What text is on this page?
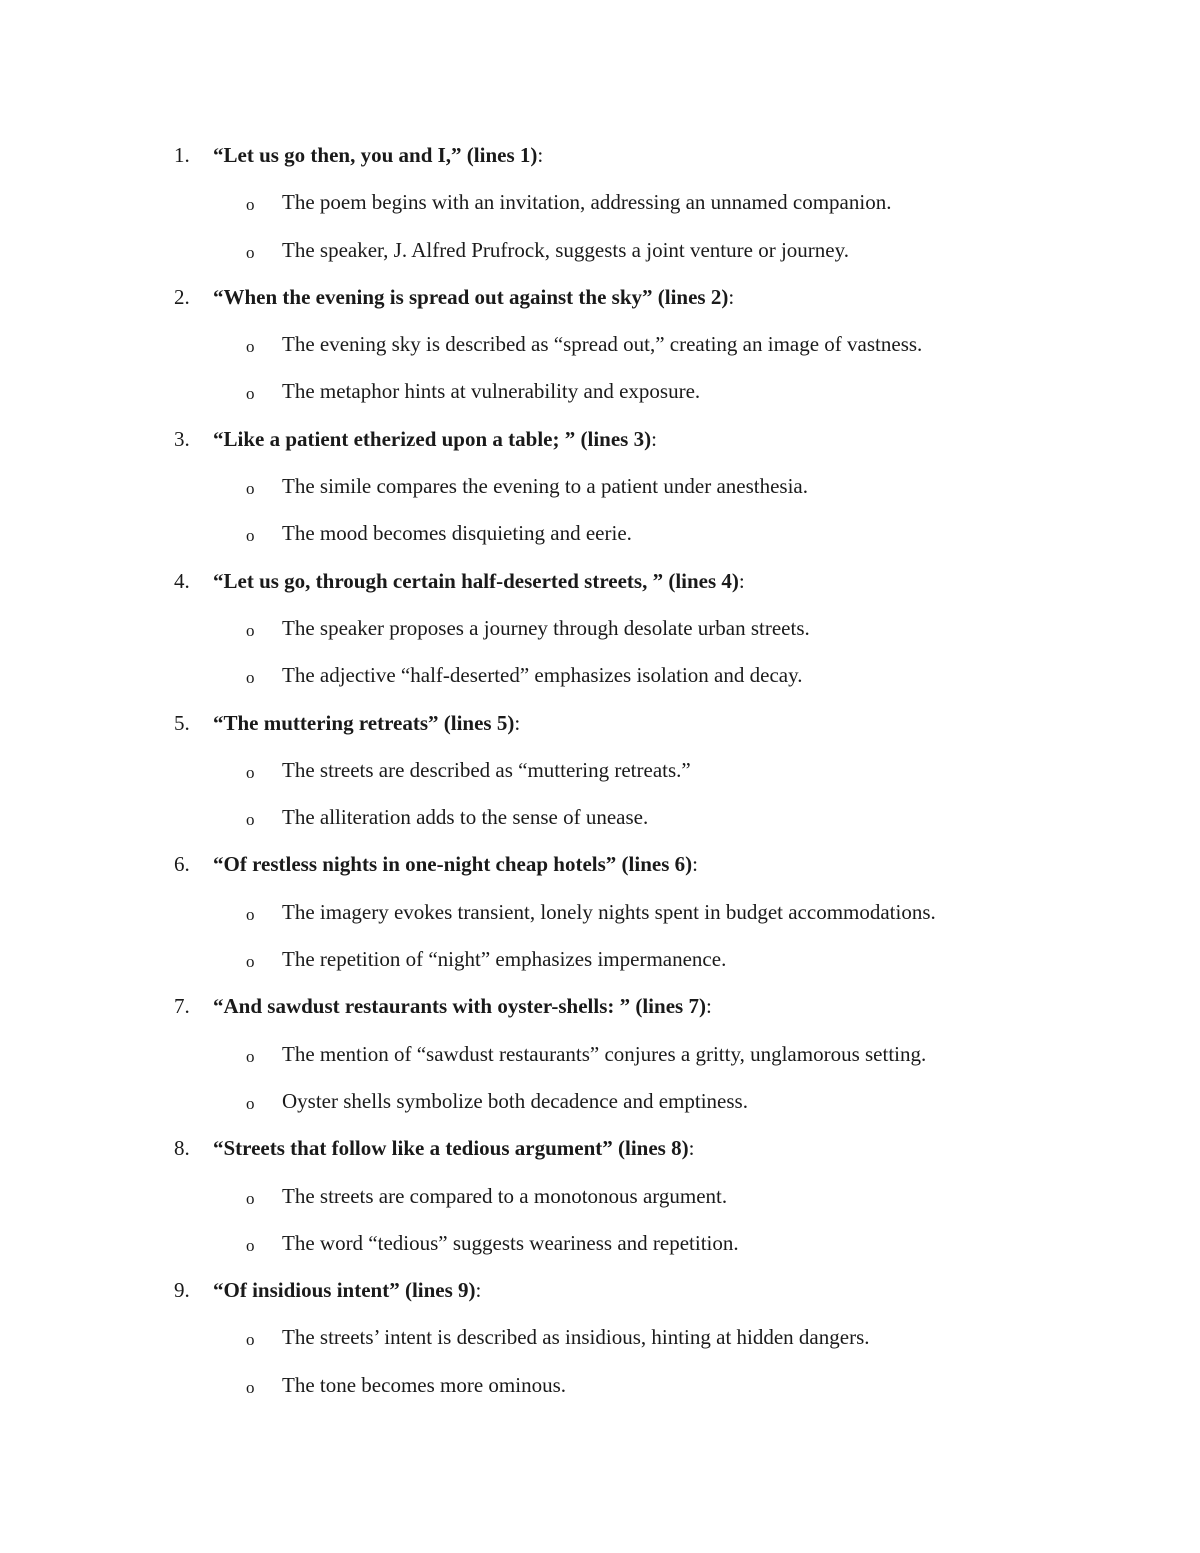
1. “Let us go then, you and I,” (lines 1):
o The poem begins with an invitation, addressing an unnamed companion.
o The speaker, J. Alfred Prufrock, suggests a joint venture or journey.
2. “When the evening is spread out against the sky” (lines 2):
o The evening sky is described as “spread out,” creating an image of vastness.
o The metaphor hints at vulnerability and exposure.
3. “Like a patient etherized upon a table; ” (lines 3):
o The simile compares the evening to a patient under anesthesia.
o The mood becomes disquieting and eerie.
4. “Let us go, through certain half-deserted streets, ” (lines 4):
o The speaker proposes a journey through desolate urban streets.
o The adjective “half-deserted” emphasizes isolation and decay.
5. “The muttering retreats” (lines 5):
o The streets are described as “muttering retreats.”
o The alliteration adds to the sense of unease.
6. “Of restless nights in one-night cheap hotels” (lines 6):
o The imagery evokes transient, lonely nights spent in budget accommodations.
o The repetition of “night” emphasizes impermanence.
7. “And sawdust restaurants with oyster-shells: ” (lines 7):
o The mention of “sawdust restaurants” conjures a gritty, unglamorous setting.
o Oyster shells symbolize both decadence and emptiness.
8. “Streets that follow like a tedious argument” (lines 8):
o The streets are compared to a monotonous argument.
o The word “tedious” suggests weariness and repetition.
9. “Of insidious intent” (lines 9):
o The streets’ intent is described as insidious, hinting at hidden dangers.
o The tone becomes more ominous.
